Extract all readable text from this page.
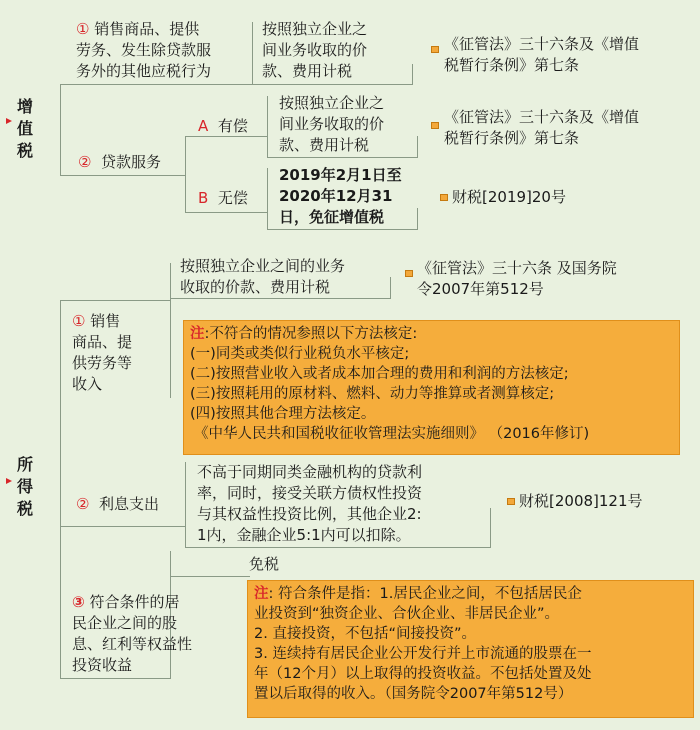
增
值
税
① 销售商品、提供
劳务、发生除贷款服
务外的其他应税行为
按照独立企业之
间业务收取的价
款、费用计税
《征管法》三十六条及《增值
税暂行条例》第七条
② 贷款服务
A 有偿
按照独立企业之
间业务收取的价
款、费用计税
《征管法》三十六条及《增值
税暂行条例》第七条
B 无偿
2019年2月1日至
2020年12月31
日，免征增值税
财税[2019]20号
所
得
税
① 销售
商品、提
供劳务等
收入
按照独立企业之间的业务
收取的价款、费用计税
《征管法》三十六条 及国务院
令2007年第512号
注:不符合的情况参照以下方法核定:
(一)同类或类似行业税负水平核定;
(二)按照营业收入或者成本加合理的费用和利润的方法核定;
(三)按照耗用的原材料、燃料、动力等推算或者测算核定;
(四)按照其他合理方法核定。
《中华人民共和国税收征收管理法实施细则》 （2016年修订)
② 利息支出
不高于同期同类金融机构的贷款利
率，同时，接受关联方债权性投资
与其权益性投资比例，其他企业2:
1内，金融企业5:1内可以扣除。
财税[2008]121号
③ 符合条件的居
民企业之间的股
息、红利等权益性
投资收益
免税
注: 符合条件是指：1.居民企业之间，不包括居民企
业投资到“独资企业、合伙企业、非居民企业”。
2. 直接投资，不包括“间接投资”。
3. 连续持有居民企业公开发行并上市流通的股票在一
年（12个月）以上取得的投资收益。不包括处置及处
置以后取得的收入。（国务院令2007年第512号）
